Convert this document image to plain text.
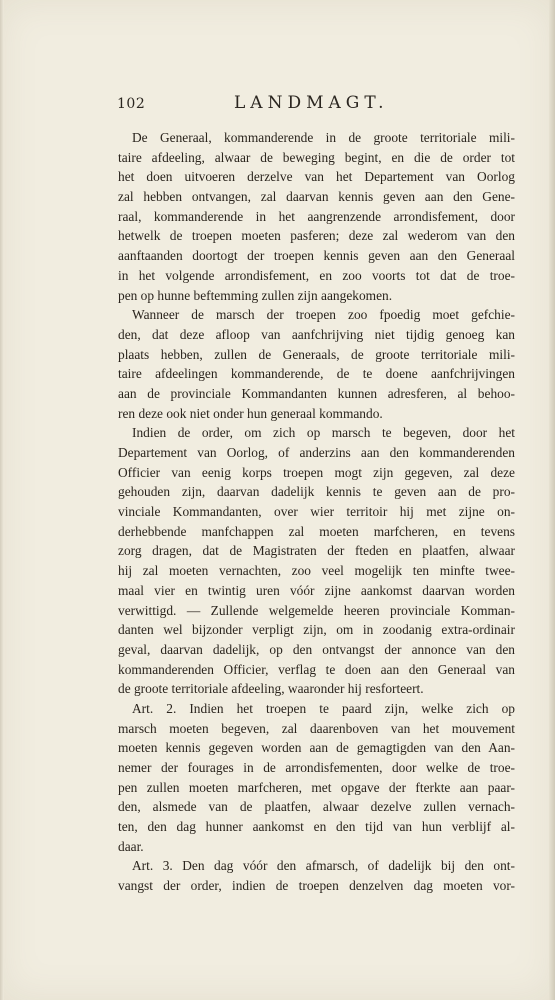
102	LANDMAGT.
De Generaal, kommanderende in de groote territoriale mili-
taire afdeeling, alwaar de beweging begint, en die de order tot
het doen uitvoeren derzelve van het Departement van Oorlog
zal hebben ontvangen, zal daarvan kennis geven aan den Gene-
raal, kommanderende in het aangrenzende arrondisfement, door
hetwelk de troepen moeten pasferen; deze zal wederom van den
aanftaanden doortogt der troepen kennis geven aan den Generaal
in het volgende arrondisfement, en zoo voorts tot dat de troe-
pen op hunne beftemming zullen zijn aangekomen.
Wanneer de marsch der troepen zoo fpoedig moet gefchie-
den, dat deze afloop van aanfchrijving niet tijdig genoeg kan
plaats hebben, zullen de Generaals, de groote territoriale mili-
taire afdeelingen kommanderende, de te doene aanfchrijvingen
aan de provinciale Kommandanten kunnen adresferen, al behoo-
ren deze ook niet onder hun generaal kommando.
Indien de order, om zich op marsch te begeven, door het
Departement van Oorlog, of anderzins aan den kommanderenden
Officier van eenig korps troepen mogt zijn gegeven, zal deze
gehouden zijn, daarvan dadelijk kennis te geven aan de pro-
vinciale Kommandanten, over wier territoir hij met zijne on-
derhebbende manfchappen zal moeten marfcheren, en tevens
zorg dragen, dat de Magistraten der fteden en plaatfen, alwaar
hij zal moeten vernachten, zoo veel mogelijk ten minfte twee-
maal vier en twintig uren vóór zijne aankomst daarvan worden
verwittigd. — Zullende welgemelde heeren provinciale Komman-
danten wel bijzonder verpligt zijn, om in zoodanig extra-ordinair
geval, daarvan dadelijk, op den ontvangst der annonce van den
kommanderenden Officier, verflag te doen aan den Generaal van
de groote territoriale afdeeling, waaronder hij resforteert.
Art. 2. Indien het troepen te paard zijn, welke zich op
marsch moeten begeven, zal daarenboven van het mouvement
moeten kennis gegeven worden aan de gemagtigden van den Aan-
nemer der fourages in de arrondisfementen, door welke de troe-
pen zullen moeten marfcheren, met opgave der fterkte aan paar-
den, alsmede van de plaatfen, alwaar dezelve zullen vernach-
ten, den dag hunner aankomst en den tijd van hun verblijf al-
daar.
Art. 3. Den dag vóór den afmarsch, of dadelijk bij den ont-
vangst der order, indien de troepen denzelven dag moeten vor-
